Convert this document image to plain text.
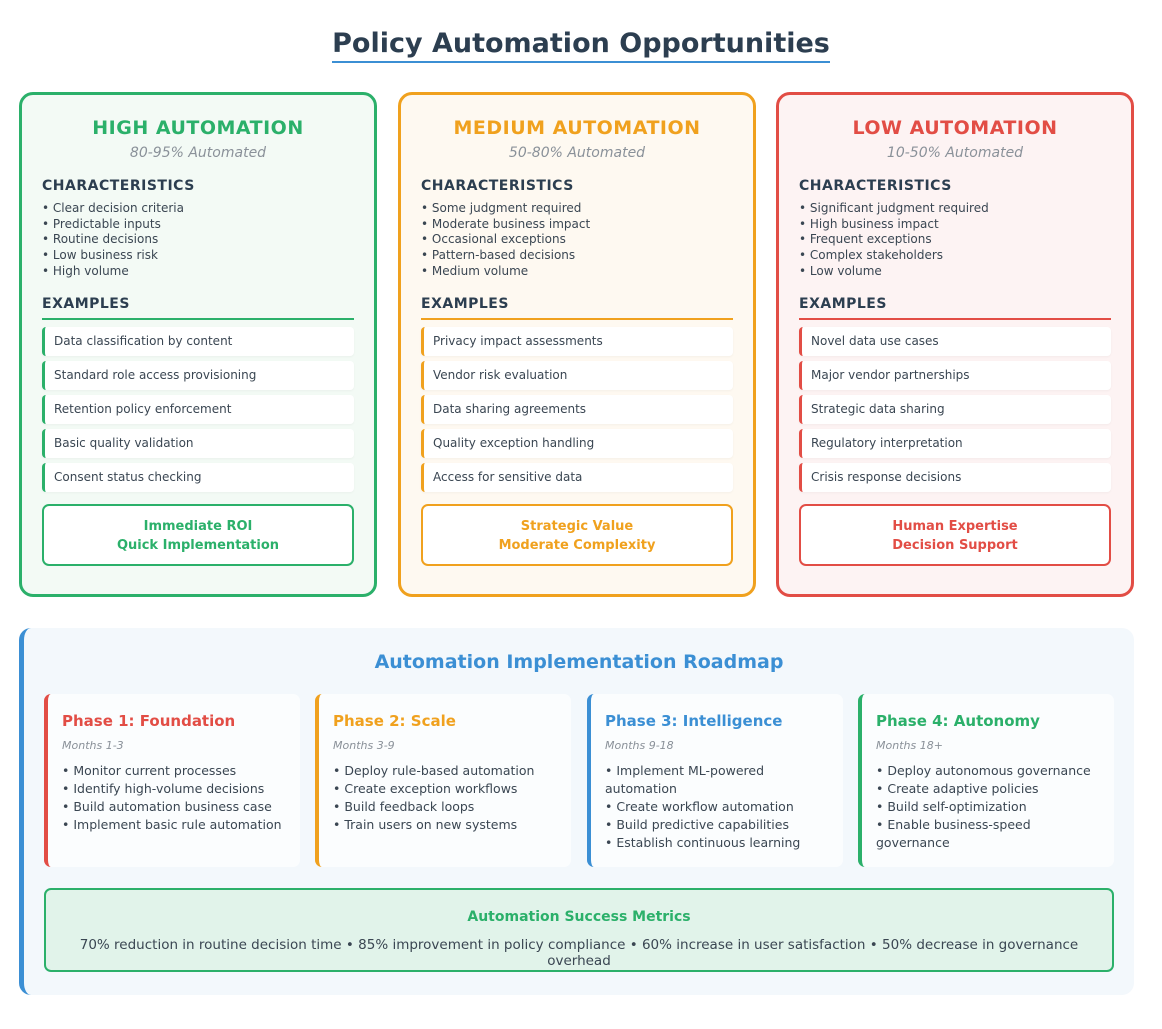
Policy Automation Opportunities
HIGH AUTOMATION
80-95% Automated
CHARACTERISTICS
• Clear decision criteria
• Predictable inputs
• Routine decisions
• Low business risk
• High volume
EXAMPLES
Data classification by content
Standard role access provisioning
Retention policy enforcement
Basic quality validation
Consent status checking
Immediate ROI
Quick Implementation
MEDIUM AUTOMATION
50-80% Automated
CHARACTERISTICS
• Some judgment required
• Moderate business impact
• Occasional exceptions
• Pattern-based decisions
• Medium volume
EXAMPLES
Privacy impact assessments
Vendor risk evaluation
Data sharing agreements
Quality exception handling
Access for sensitive data
Strategic Value
Moderate Complexity
LOW AUTOMATION
10-50% Automated
CHARACTERISTICS
• Significant judgment required
• High business impact
• Frequent exceptions
• Complex stakeholders
• Low volume
EXAMPLES
Novel data use cases
Major vendor partnerships
Strategic data sharing
Regulatory interpretation
Crisis response decisions
Human Expertise
Decision Support
Automation Implementation Roadmap
Phase 1: Foundation
Months 1-3
• Monitor current processes
• Identify high-volume decisions
• Build automation business case
• Implement basic rule automation
Phase 2: Scale
Months 3-9
• Deploy rule-based automation
• Create exception workflows
• Build feedback loops
• Train users on new systems
Phase 3: Intelligence
Months 9-18
• Implement ML-powered automation
• Create workflow automation
• Build predictive capabilities
• Establish continuous learning
Phase 4: Autonomy
Months 18+
• Deploy autonomous governance
• Create adaptive policies
• Build self-optimization
• Enable business-speed governance
Automation Success Metrics
70% reduction in routine decision time • 85% improvement in policy compliance • 60% increase in user satisfaction • 50% decrease in governance overhead
